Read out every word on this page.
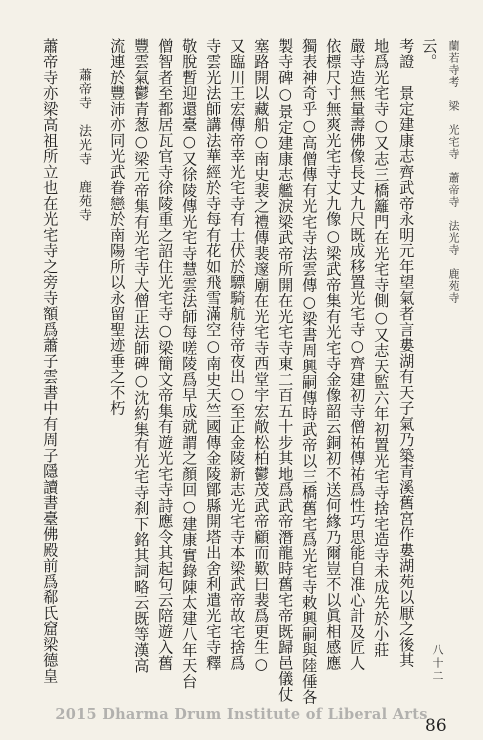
蘭若寺考　梁　光宅寺　蕭帝寺　法光寺　鹿苑寺
云。
考證　景定建康志齊武帝永明元年望氣者言婁湖有天子氣乃築青溪舊宮作婁湖苑以厭之後其
地爲光宅寺○又志三橋籬門在光宅寺側○又志天監六年初置光宅寺捨宅造寺未成先於小莊
嚴寺造無量壽佛像長丈九尺既成移置光宅寺○齊建初寺僧祐傳祐爲性巧思能自准心計及匠人
依標尺寸無爽光宅寺丈九像○梁武帝集有光宅寺金像韶云銅初不送何緣乃爾豈不以眞相感應
獨表神奇乎○高僧傳有光宅寺法雲傳○梁書周興嗣傳時武帝以三橋舊宅爲光宅寺敕興嗣與陸倕各
製寺碑○景定建康志艦淚梁武帝所開在光宅寺東二百五十步其地爲武帝潛龍時舊宅帝既歸邑儀仗
塞路開以藏船○南史裴之禮傳裴邃廟在光宅寺西堂宇宏敞松柏鬱茂武帝顧而歎曰裴爲更生○
又臨川王宏傳帝幸光宅寺有士伏於驃騎航待帝夜出○至正金陵新志光宅寺本梁武帝故宅捨爲
寺雲光法師講法華經於寺每有花如飛雪滿空○南史天竺國傳金陵鄮縣開塔出舍利遣光宅寺釋
敬脫暫迎還臺○又徐陵傳光宅寺慧雲法師每嗟陵爲早成就謂之顏回○建康實錄陳太建八年天台
僧智者至都居瓦官寺徐陵重之詔住光宅寺○梁簡文帝集有遊光宅寺詩應令其起句云陪遊入舊
豐雲氣鬱青葱○梁元帝集有光宅寺大僧正法師碑○沈約集有光宅寺刹下銘其詞略云既等漢高
流連於豐沛亦同光武眷戀於南陽所以永留聖迹垂之不朽
蕭帝寺　法光寺　鹿苑寺
蕭帝寺亦梁高祖所立也在光宅寺之旁寺額爲蕭子雲書中有周子隱讀書臺佛殿前爲郗氏窟梁德皇	八十二
86
2015 Dharma Drum Institute of Liberal Arts
